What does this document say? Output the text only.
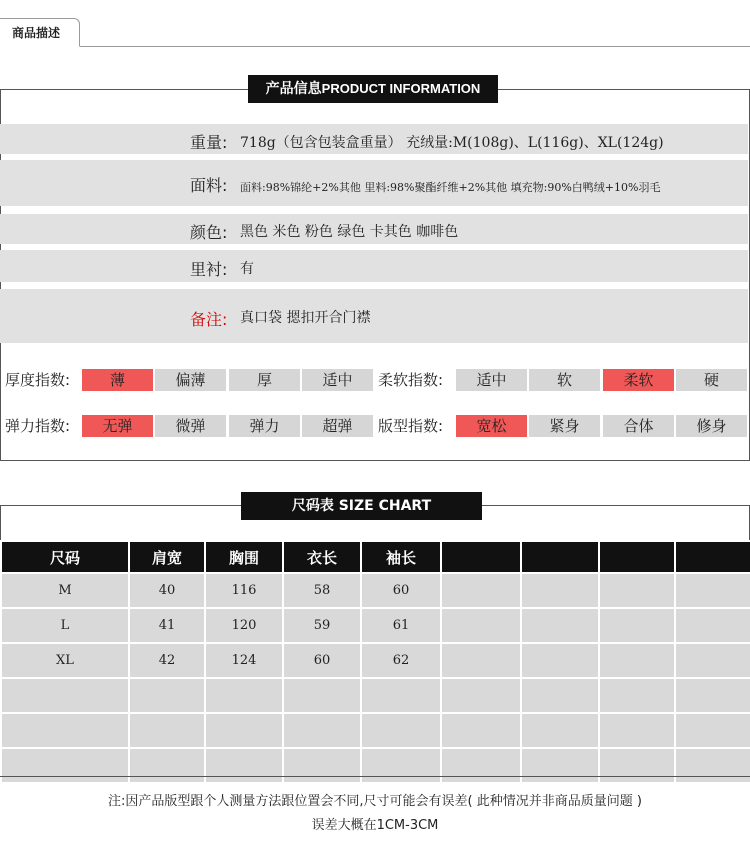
商品描述
产品信息PRODUCT INFORMATION
重量: 718g（包含包装盒重量） 充绒量:M(108g)、L(116g)、XL(124g)
面料: 面料:98%锦纶+2%其他 里料:98%聚酯纤维+2%其他 填充物:90%白鸭绒+10%羽毛
颜色: 黑色 米色 粉色 绿色 卡其色 咖啡色
里衬: 有
备注: 真口袋 摁扣开合门襟
厚度指数:	薄	偏薄	厚	适中	柔软指数:	适中	软	柔软	硬
弹力指数:	无弹	微弹	弹力	超弹	版型指数:	宽松	紧身	合体	修身
尺码表 SIZE CHART
尺码	肩宽	胸围	衣长	袖长				
M	40	116	58	60				
L	41	120	59	61				
XL	42	124	60	62				

注:因产品版型跟个人测量方法跟位置会不同,尺寸可能会有误差( 此种情况并非商品质量问题 )
误差大概在1CM-3CM
